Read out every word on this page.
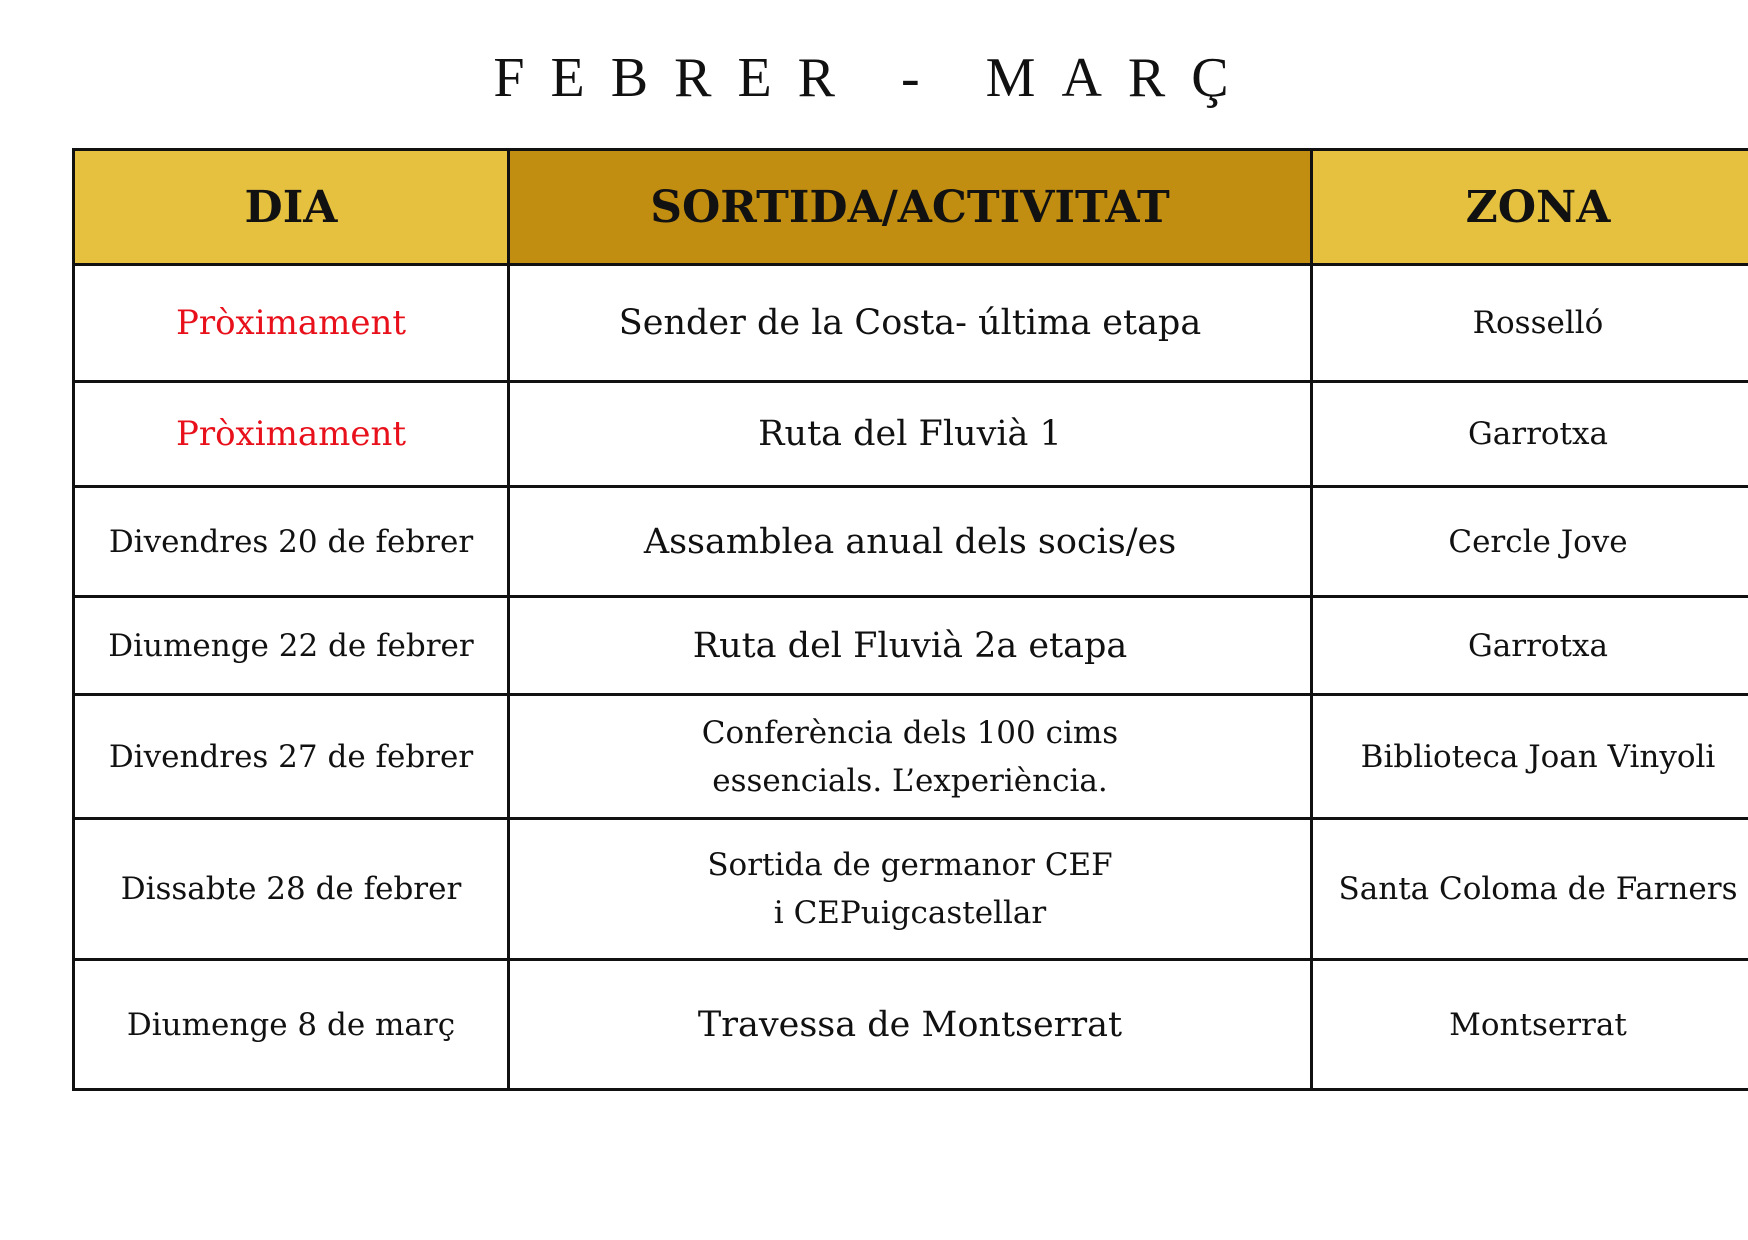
FEBRER - MARÇ
DIA	SORTIDA/ACTIVITAT	ZONA
Pròximament	Sender de la Costa- última etapa	Rosselló
Pròximament	Ruta del Fluvià 1	Garrotxa
Divendres 20 de febrer	Assamblea anual dels socis/es	Cercle Jove
Diumenge 22 de febrer	Ruta del Fluvià 2a etapa	Garrotxa
Divendres 27 de febrer	Conferència dels 100 cims essencials. L’experiència.	Biblioteca Joan Vinyoli
Dissabte 28 de febrer	Sortida de germanor CEF i CEPuigcastellar	Santa Coloma de Farners
Diumenge 8 de març	Travessa de Montserrat	Montserrat
